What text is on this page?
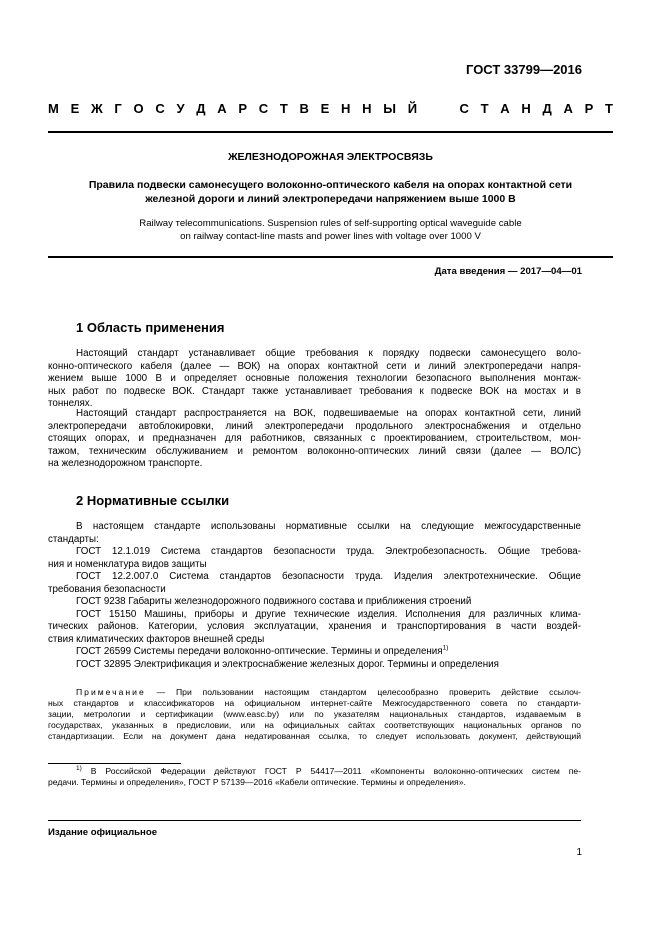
ГОСТ 33799—2016
М Е Ж Г О С У Д А Р С Т В Е Н Н Ы Й

	С Т А Н Д А Р Т
ЖЕЛЕЗНОДОРОЖНАЯ ЭЛЕКТРОСВЯЗЬ
Правила подвески самонесущего волоконно-оптического кабеля на опорах контактной сети
железной дороги и линий электропередачи напряжением выше 1000 В
Railway теlecommunications. Suspension rules of self-supporting optical waveguide cable
on railway contact-line masts and power lines with voltage over 1000 V
Дата введения — 2017—04—01
1 Область применения
Настоящий стандарт устанавливает общие требования к порядку подвески самонесущего воло-
конно-оптического кабеля (далее — ВОК) на опорах контактной сети и линий электропередачи напря-
жением выше 1000 В и определяет основные положения технологии безопасного выполнения монтаж-
ных работ по подвеске ВОК. Стандарт также устанавливает требования к подвеске ВОК на мостах и в
тоннелях.
Настоящий стандарт распространяется на ВОК, подвешиваемые на опорах контактной сети, линий
электропередачи автоблокировки, линий электропередачи продольного электроснабжения и отдельно
стоящих опорах, и предназначен для работников, связанных с проектированием, строительством, мон-
тажом, техническим обслуживанием и ремонтом волоконно-оптических линий связи (далее — ВОЛС)
на железнодорожном транспорте.
2 Нормативные ссылки
В настоящем стандарте использованы нормативные ссылки на следующие межгосударственные
стандарты:
ГОСТ 12.1.019 Система стандартов безопасности труда. Электробезопасность. Общие требова-
ния и номенклатура видов защиты
ГОСТ 12.2.007.0 Система стандартов безопасности труда. Изделия электротехнические. Общие
требования безопасности
ГОСТ 9238 Габариты железнодорожного подвижного состава и приближения строений
ГОСТ 15150 Машины, приборы и другие технические изделия. Исполнения для различных клима-
тических районов. Категории, условия эксплуатации, хранения и транспортирования в части воздей-
ствия климатических факторов внешней среды
ГОСТ 26599 Системы передачи волоконно-оптические. Термины и определения$^{1)}$
ГОСТ 32895 Электрификация и электроснабжение железных дорог. Термины и определения
Примечание — При пользовании настоящим стандартом целесообразно проверить действие ссылоч-
ных стандартов и классификаторов на официальном интернет-сайте Межгосударственного совета по стандарти-
зации, метрологии и сертификации (www.easc.by) или по указателям национальных стандартов, издаваемым в
государствах, указанных в предисловии, или на официальных сайтах соответствующих национальных органов по
стандартизации. Если на документ дана недатированная ссылка, то следует использовать документ, действующий
$^{1)}$ В Российской Федерации действуют ГОСТ Р 54417—2011 «Компоненты волоконно-оптических систем пе-
редачи. Термины и определения», ГОСТ Р 57139—2016 «Кабели оптические. Термины и определения».
Издание официальное
1
